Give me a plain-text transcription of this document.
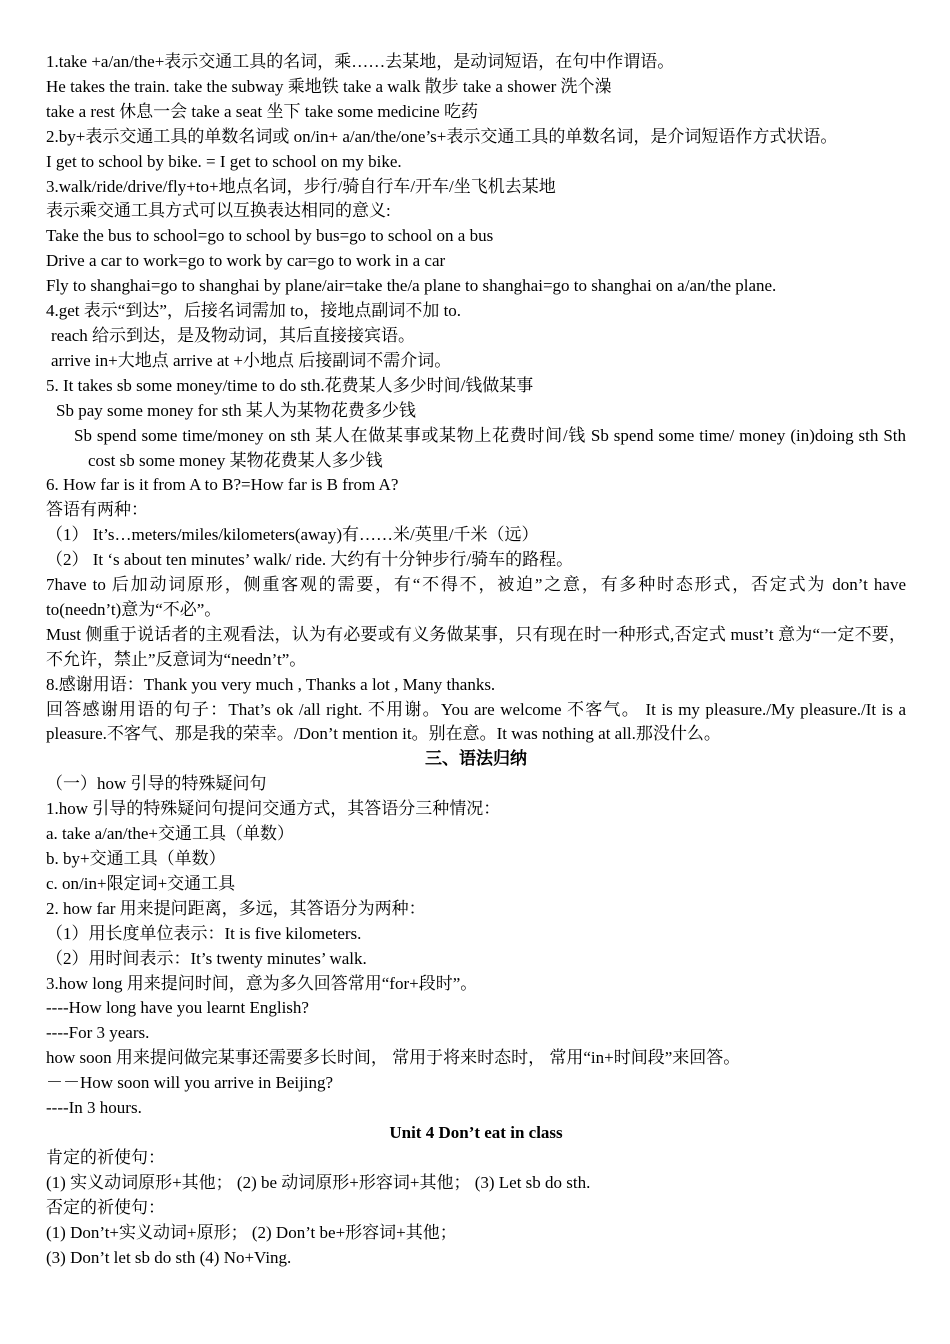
1.take +a/an/the+表示交通工具的名词，乘……去某地，是动词短语，在句中作谓语。
He takes the train. take the subway 乘地铁 take a walk 散步 take a shower 洗个澡
take a rest 休息一会 take a seat 坐下 take some medicine 吃药
2.by+表示交通工具的单数名词或 on/in+ a/an/the/one’s+表示交通工具的单数名词，是介词短语作方式状语。
I get to school by bike. = I get to school on my bike.
3.walk/ride/drive/fly+to+地点名词，步行/骑自行车/开车/坐飞机去某地
表示乘交通工具方式可以互换表达相同的意义:
Take the bus to school=go to school by bus=go to school on a bus
Drive a car to work=go to work by car=go to work in a car
Fly to shanghai=go to shanghai by plane/air=take the/a plane to shanghai=go to shanghai on a/an/the plane.
4.get 表示“到达”，后接名词需加 to，接地点副词不加 to.
reach 给示到达，是及物动词，其后直接接宾语。
arrive in+大地点 arrive at +小地点 后接副词不需介词。
5. It takes sb some money/time to do sth.花费某人多少时间/钱做某事
Sb pay some money for sth 某人为某物花费多少钱
Sb spend some time/money on sth 某人在做某事或某物上花费时间/钱 Sb spend some time/ money (in)doing sth Sth cost sb some money 某物花费某人多少钱
6. How far is it from A to B?=How far is B from A?
答语有两种：
（1） It’s…meters/miles/kilometers(away)有……米/英里/千米（远）
（2） It ‘s about ten minutes’ walk/ ride. 大约有十分钟步行/骑车的路程。
7have to 后加动词原形，侧重客观的需要，有“不得不，被迫”之意，有多种时态形式，否定式为 don’t have to(needn’t)意为“不必”。
Must 侧重于说话者的主观看法，认为有必要或有义务做某事，只有现在时一种形式,否定式 must’t 意为“一定不要，不允许，禁止”反意词为“needn’t”。
8.感谢用语：Thank you very much , Thanks a lot , Many thanks.
回答感谢用语的句子：That’s ok /all right. 不用谢。You are welcome 不客气。 It is my pleasure./My pleasure./It is a pleasure.不客气、那是我的荣幸。/Don’t mention it。别在意。It was nothing at all.那没什么。
三、语法归纳
（一）how 引导的特殊疑问句
1.how 引导的特殊疑问句提问交通方式，其答语分三种情况：
a. take a/an/the+交通工具（单数）
b. by+交通工具（单数）
c. on/in+限定词+交通工具
2. how far 用来提问距离，多远，其答语分为两种：
（1）用长度单位表示：It is five kilometers.
（2）用时间表示：It’s twenty minutes’ walk.
3.how long 用来提问时间，意为多久回答常用“for+段时”。
----How long have you learnt English?
----For 3 years.
how soon 用来提问做完某事还需要多长时间， 常用于将来时态时， 常用“in+时间段”来回答。
－－How soon will you arrive in Beijing?
----In 3 hours.
Unit 4 Don’t eat in class
肯定的祈使句：
(1) 实义动词原形+其他； (2) be 动词原形+形容词+其他； (3) Let sb do sth.
否定的祈使句：
(1) Don’t+实义动词+原形； (2) Don’t be+形容词+其他；
(3) Don’t let sb do sth (4) No+Ving.
